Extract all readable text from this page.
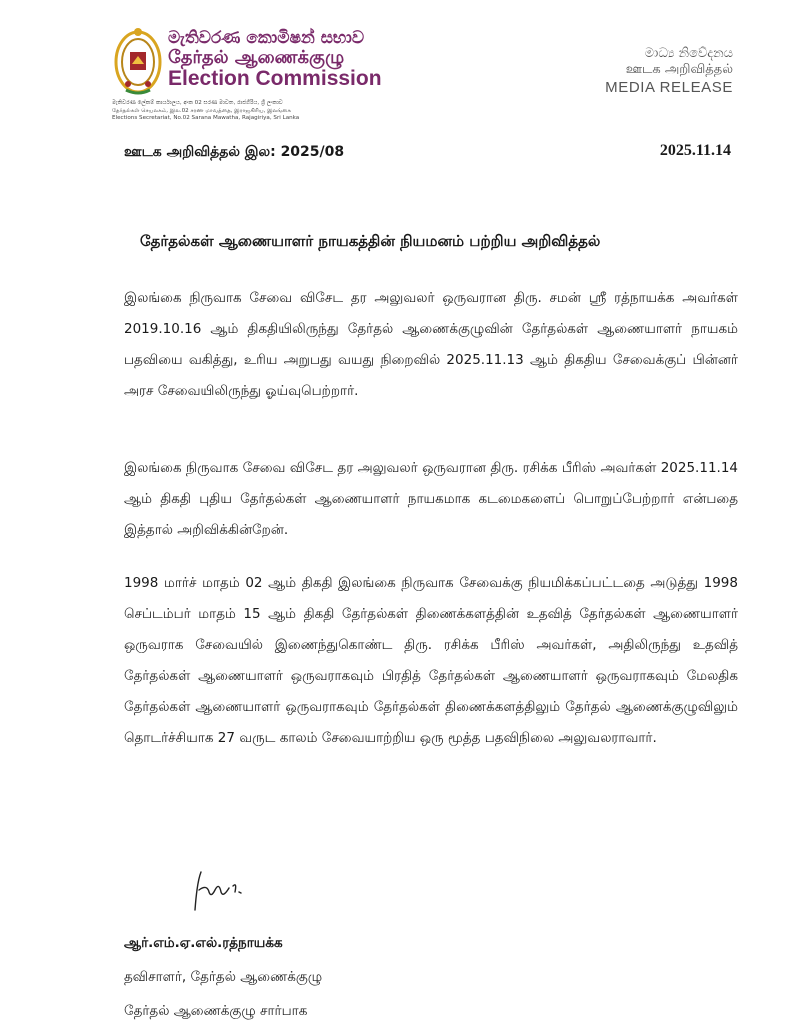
මැතිවරණ කොමිෂන් සභාව
தேர்தல் ஆணைக்குழு
Election Commission
මැතිවරණ ලේකම් කාර්යාලය, අංක 02 සරණ මාවත, රාජගිරිය, ශ්‍රී ලංකාව
தேர்தல்கள் செயலகம், இல.02 சரண மாவத்தை, இராஜகிரிய, இலங்கை
Elections Secretariat, No.02 Sarana Mawatha, Rajagiriya, Sri Lanka
මාධ්‍ය නිවේදනය
ஊடக அறிவித்தல்
MEDIA RELEASE
ஊடக அறிவித்தல் இல: 2025/08	2025.11.14
தேர்தல்கள் ஆணையாளர் நாயகத்தின் நியமனம் பற்றிய அறிவித்தல்
இலங்கை நிருவாக சேவை விசேட தர அலுவலர் ஒருவரான திரு. சமன் ஸ்ரீ ரத்நாயக்க அவர்கள் 2019.10.16 ஆம் திகதியிலிருந்து தேர்தல் ஆணைக்குழுவின் தேர்தல்கள் ஆணையாளர் நாயகம் பதவியை வகித்து, உரிய அறுபது வயது நிறைவில் 2025.11.13 ஆம் திகதிய சேவைக்குப் பின்னர் அரச சேவையிலிருந்து ஓய்வுபெற்றார்.
இலங்கை நிருவாக சேவை விசேட தர அலுவலர் ஒருவரான திரு. ரசிக்க பீரிஸ் அவர்கள் 2025.11.14 ஆம் திகதி புதிய தேர்தல்கள் ஆணையாளர் நாயகமாக கடமைகளைப் பொறுப்பேற்றார் என்பதை இத்தால் அறிவிக்கின்றேன்.
1998 மார்ச் மாதம் 02 ஆம் திகதி இலங்கை நிருவாக சேவைக்கு நியமிக்கப்பட்டதை அடுத்து 1998 செப்டம்பர் மாதம் 15 ஆம் திகதி தேர்தல்கள் திணைக்களத்தின் உதவித் தேர்தல்கள் ஆணையாளர் ஒருவராக சேவையில் இணைந்துகொண்ட திரு. ரசிக்க பீரிஸ் அவர்கள், அதிலிருந்து உதவித் தேர்தல்கள் ஆணையாளர் ஒருவராகவும் பிரதித் தேர்தல்கள் ஆணையாளர் ஒருவராகவும் மேலதிக தேர்தல்கள் ஆணையாளர் ஒருவராகவும் தேர்தல்கள் திணைக்களத்திலும் தேர்தல் ஆணைக்குழுவிலும் தொடர்ச்சியாக 27 வருட காலம் சேவையாற்றிய ஒரு மூத்த பதவிநிலை அலுவலராவார்.
ஆர்.எம்.ஏ.எல்.ரத்நாயக்க
தவிசாளர், தேர்தல் ஆணைக்குழு
தேர்தல் ஆணைக்குழு சார்பாக
